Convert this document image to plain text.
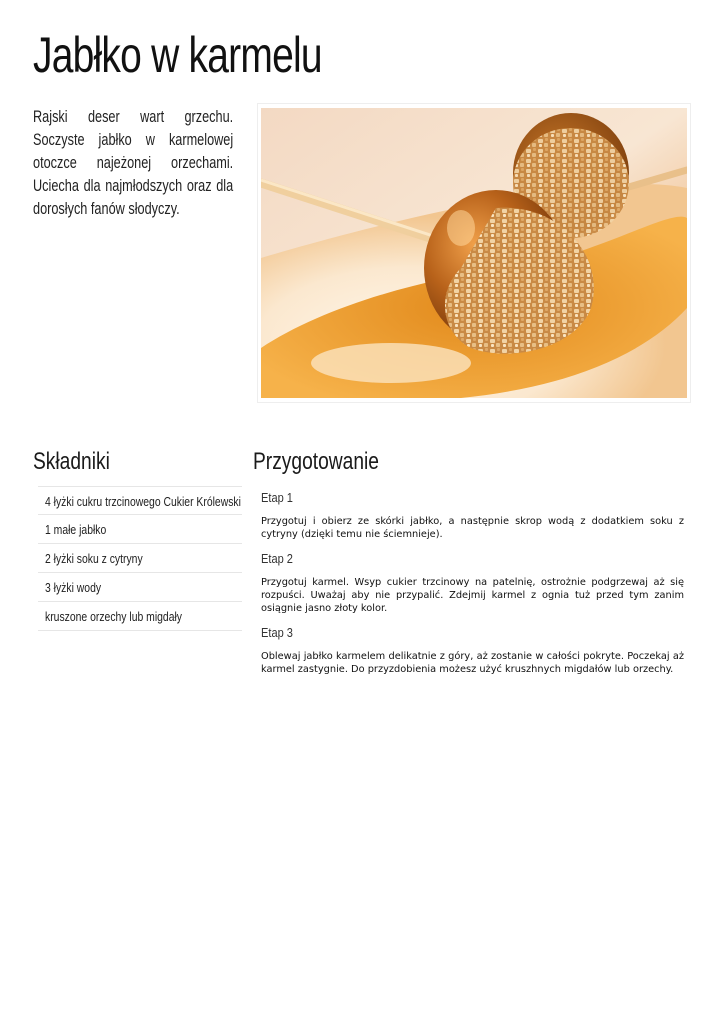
Jabłko w karmelu

Rajski deser wart grzechu. Soczyste jabłko w karmelowej otoczce najeżonej orzechami. Uciecha dla najmłodszych oraz dla dorosłych fanów słodyczy.

Składniki
4 łyżki cukru trzcinowego Cukier Królewski
1 małe jabłko
2 łyżki soku z cytryny
3 łyżki wody
kruszone orzechy lub migdały
Przygotowanie
Etap 1

Przygotuj i obierz ze skórki jabłko, a następnie skrop wodą z dodatkiem soku z cytryny (dzięki temu nie ściemnieje).

Etap 2

Przygotuj karmel. Wsyp cukier trzcinowy na patelnię, ostrożnie podgrzewaj aż się rozpuści. Uważaj aby nie przypalić. Zdejmij karmel z ognia tuż przed tym zanim osiągnie jasno złoty kolor.

Etap 3

Oblewaj jabłko karmelem delikatnie z góry, aż zostanie w całości pokryte. Poczekaj aż karmel zastygnie. Do przyzdobienia możesz użyć kruszhnych migdałów lub orzechy.
